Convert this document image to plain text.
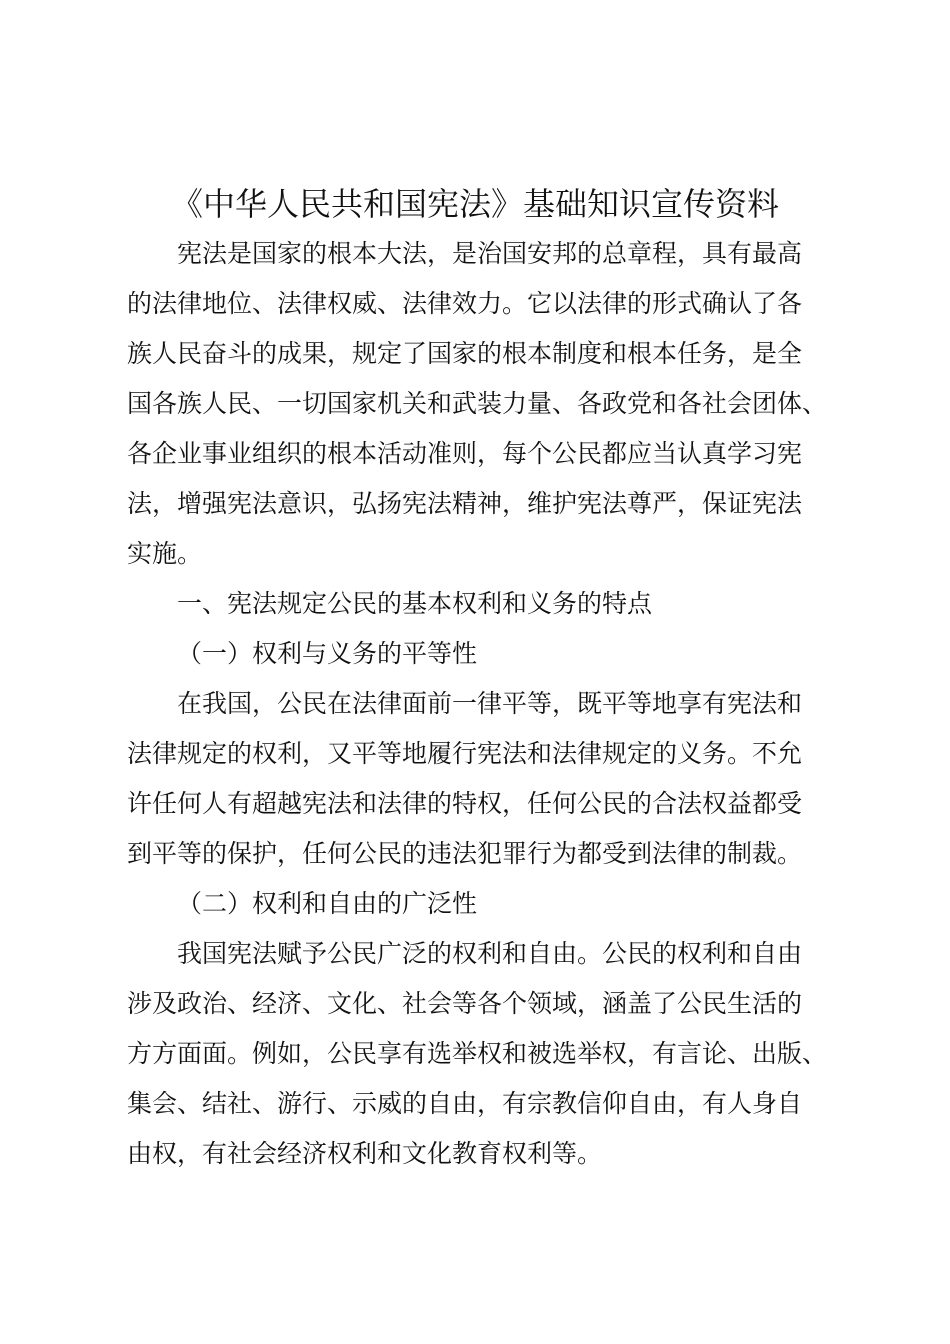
《中华人民共和国宪法》基础知识宣传资料
宪法是国家的根本大法，是治国安邦的总章程，具有最高
的法律地位、法律权威、法律效力。它以法律的形式确认了各
族人民奋斗的成果，规定了国家的根本制度和根本任务，是全
国各族人民、一切国家机关和武装力量、各政党和各社会团体、
各企业事业组织的根本活动准则，每个公民都应当认真学习宪
法，增强宪法意识，弘扬宪法精神，维护宪法尊严，保证宪法
实施。
一、宪法规定公民的基本权利和义务的特点
（一）权利与义务的平等性
在我国，公民在法律面前一律平等，既平等地享有宪法和
法律规定的权利，又平等地履行宪法和法律规定的义务。不允
许任何人有超越宪法和法律的特权，任何公民的合法权益都受
到平等的保护，任何公民的违法犯罪行为都受到法律的制裁。
（二）权利和自由的广泛性
我国宪法赋予公民广泛的权利和自由。公民的权利和自由
涉及政治、经济、文化、社会等各个领域，涵盖了公民生活的
方方面面。例如，公民享有选举权和被选举权，有言论、出版、
集会、结社、游行、示威的自由，有宗教信仰自由，有人身自
由权，有社会经济权利和文化教育权利等。
